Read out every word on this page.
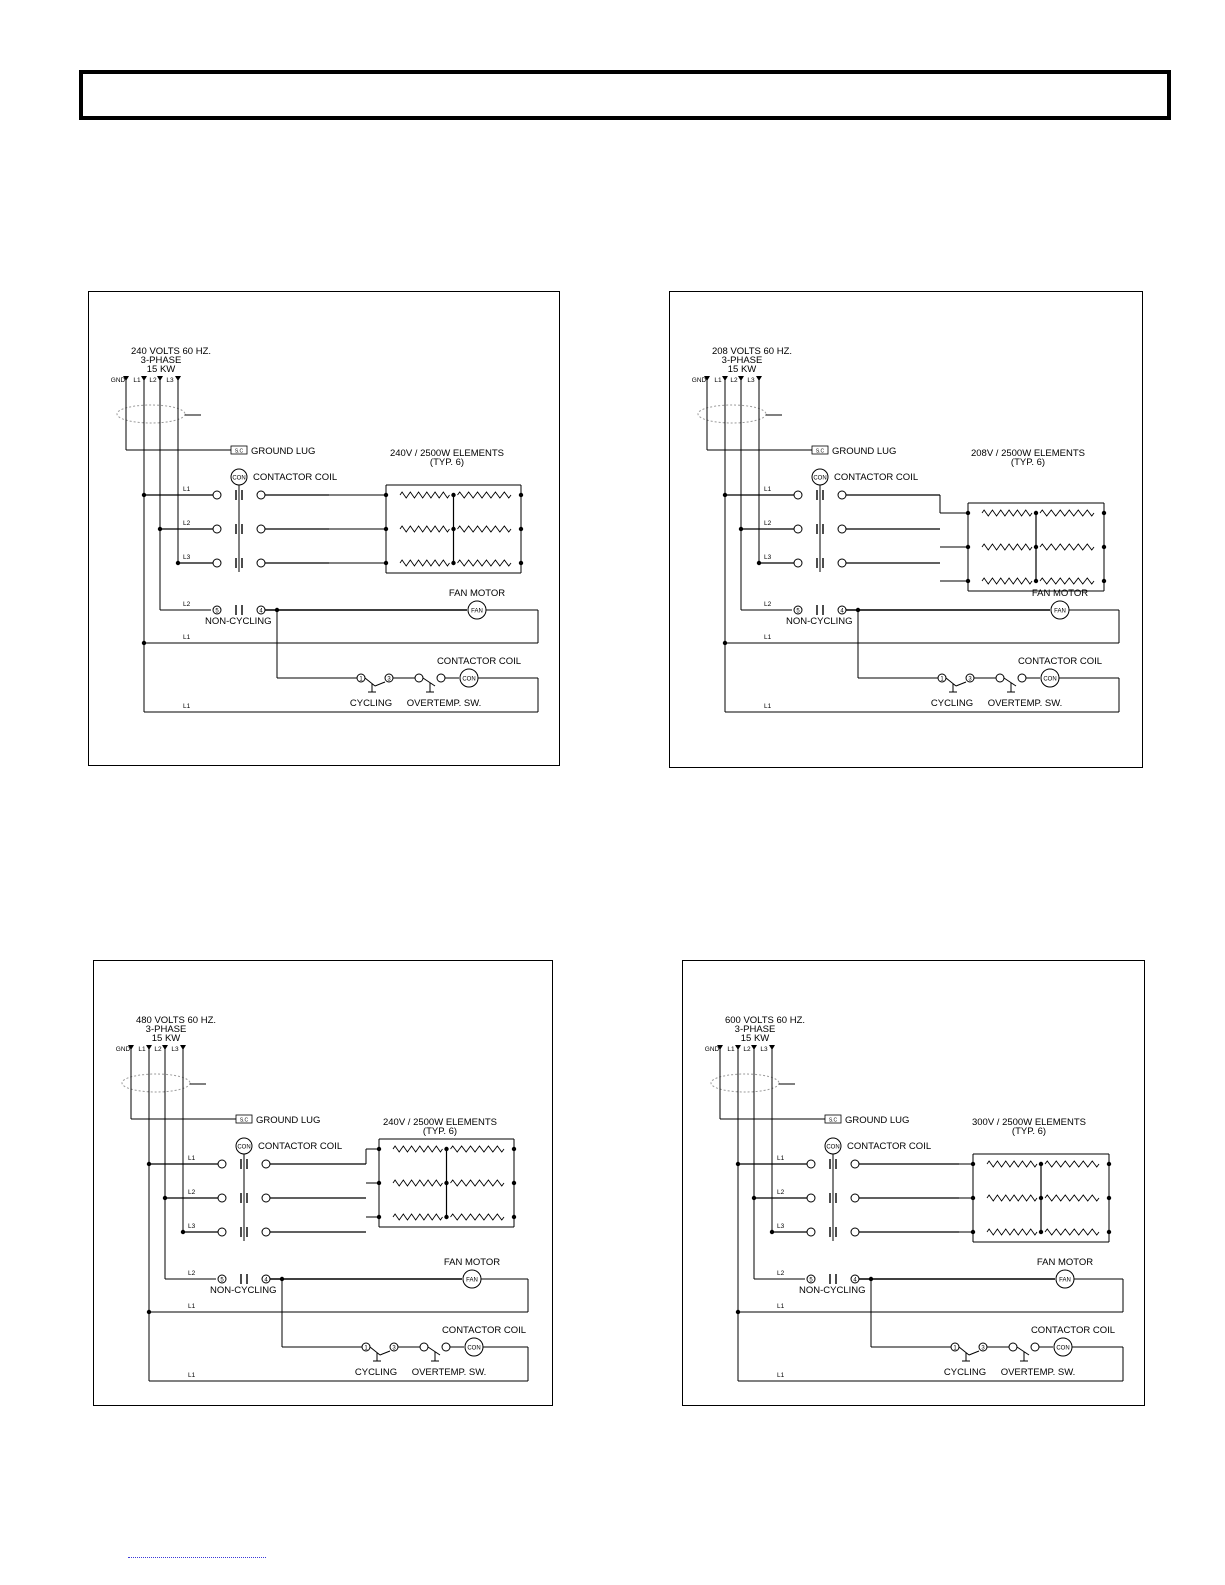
240 VOLTS 60 HZ.
3-PHASE
15 KW
GND L1 L2 L3
S.C GROUND LUG
CON CONTACTOR COIL
240V / 2500W ELEMENTS
(TYP. 6)
L1
L2
L3
L2
5	4	FAN
FAN MOTOR
NON-CYCLING
L1
1	3	CON
CONTACTOR COIL
CYCLING OVERTEMP. SW.
L1
208 VOLTS 60 HZ.
3-PHASE
15 KW
GND L1 L2 L3
S.C GROUND LUG
CON CONTACTOR COIL
208V / 2500W ELEMENTS
(TYP. 6)
L1
L2
L3
L2
5	4	FAN
FAN MOTOR
NON-CYCLING
L1
1	3	CON
CONTACTOR COIL
CYCLING OVERTEMP. SW.
L1
480 VOLTS 60 HZ.
3-PHASE
15 KW
GND L1 L2 L3
S.C GROUND LUG
CON CONTACTOR COIL
240V / 2500W ELEMENTS
(TYP. 6)
L1
L2
L3
L2
5	4	FAN
FAN MOTOR
NON-CYCLING
L1
1	3	CON
CONTACTOR COIL
CYCLING OVERTEMP. SW.
L1
600 VOLTS 60 HZ.
3-PHASE
15 KW
GND L1 L2 L3
S.C GROUND LUG
CON CONTACTOR COIL
300V / 2500W ELEMENTS
(TYP. 6)
L1
L2
L3
L2
5	4	FAN
FAN MOTOR
NON-CYCLING
L1
1	3	CON
CONTACTOR COIL
CYCLING OVERTEMP. SW.
L1
